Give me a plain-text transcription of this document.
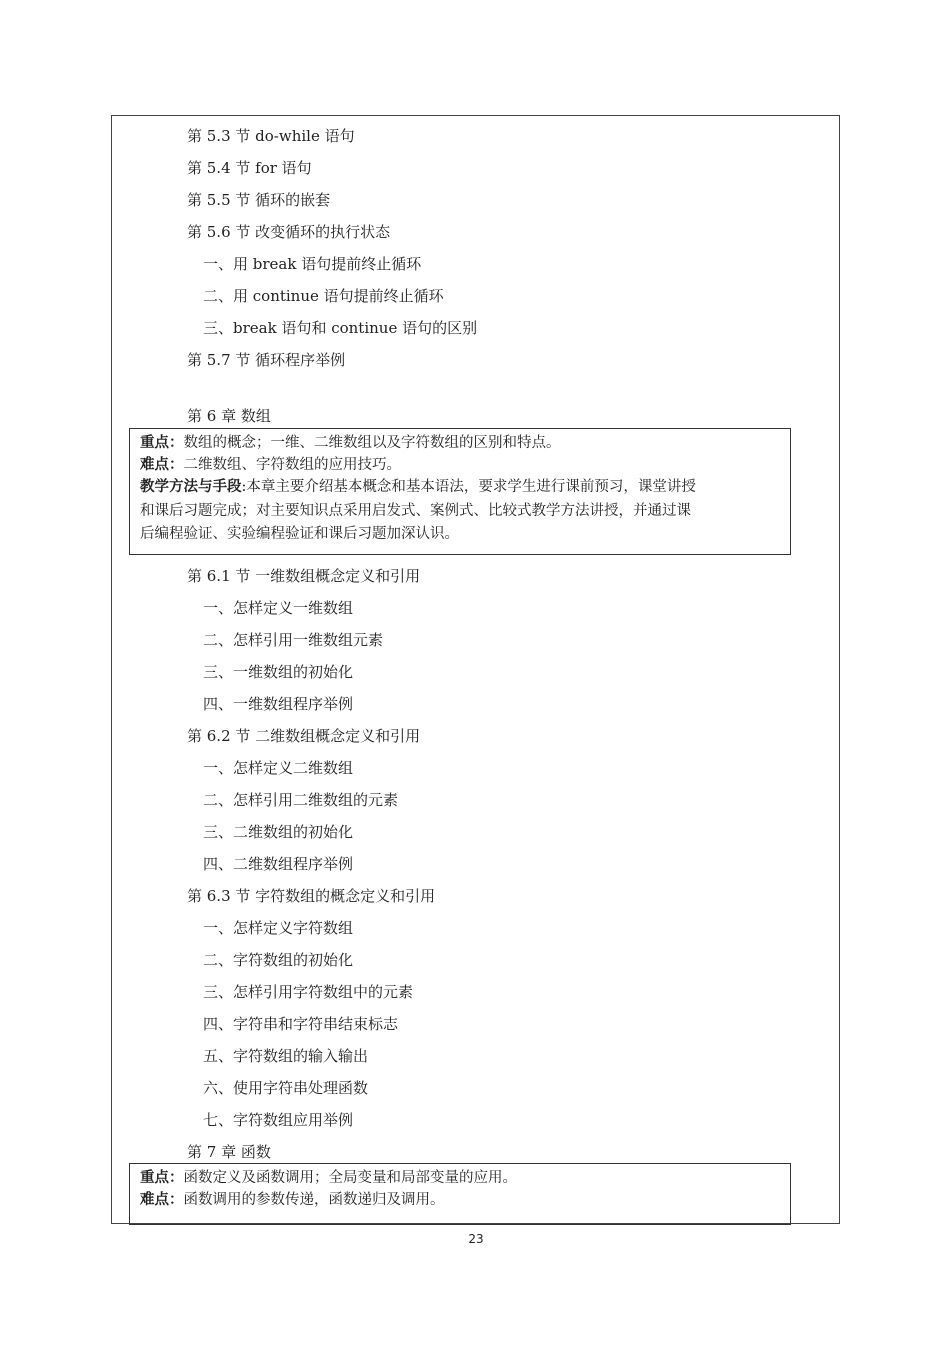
第 5.3 节 do-while 语句
第 5.4 节 for 语句
第 5.5 节 循环的嵌套
第 5.6 节 改变循环的执行状态
一、用 break 语句提前终止循环
二、用 continue 语句提前终止循环
三、break 语句和 continue 语句的区别
第 5.7 节 循环程序举例
第 6 章 数组

重点：数组的概念；一维、二维数组以及字符数组的区别和特点。

难点：二维数组、字符数组的应用技巧。

教学方法与手段:本章主要介绍基本概念和基本语法，要求学生进行课前预习，课堂讲授

和课后习题完成；对主要知识点采用启发式、案例式、比较式教学方法讲授，并通过课

后编程验证、实验编程验证和课后习题加深认识。

第 6.1 节 一维数组概念定义和引用
一、怎样定义一维数组
二、怎样引用一维数组元素
三、一维数组的初始化
四、一维数组程序举例
第 6.2 节 二维数组概念定义和引用
一、怎样定义二维数组
二、怎样引用二维数组的元素
三、二维数组的初始化
四、二维数组程序举例
第 6.3 节 字符数组的概念定义和引用
一、怎样定义字符数组
二、字符数组的初始化
三、怎样引用字符数组中的元素
四、字符串和字符串结束标志
五、字符数组的输入输出
六、使用字符串处理函数
七、字符数组应用举例
第 7 章 函数

重点：函数定义及函数调用；全局变量和局部变量的应用。

难点：函数调用的参数传递，函数递归及调用。

23
